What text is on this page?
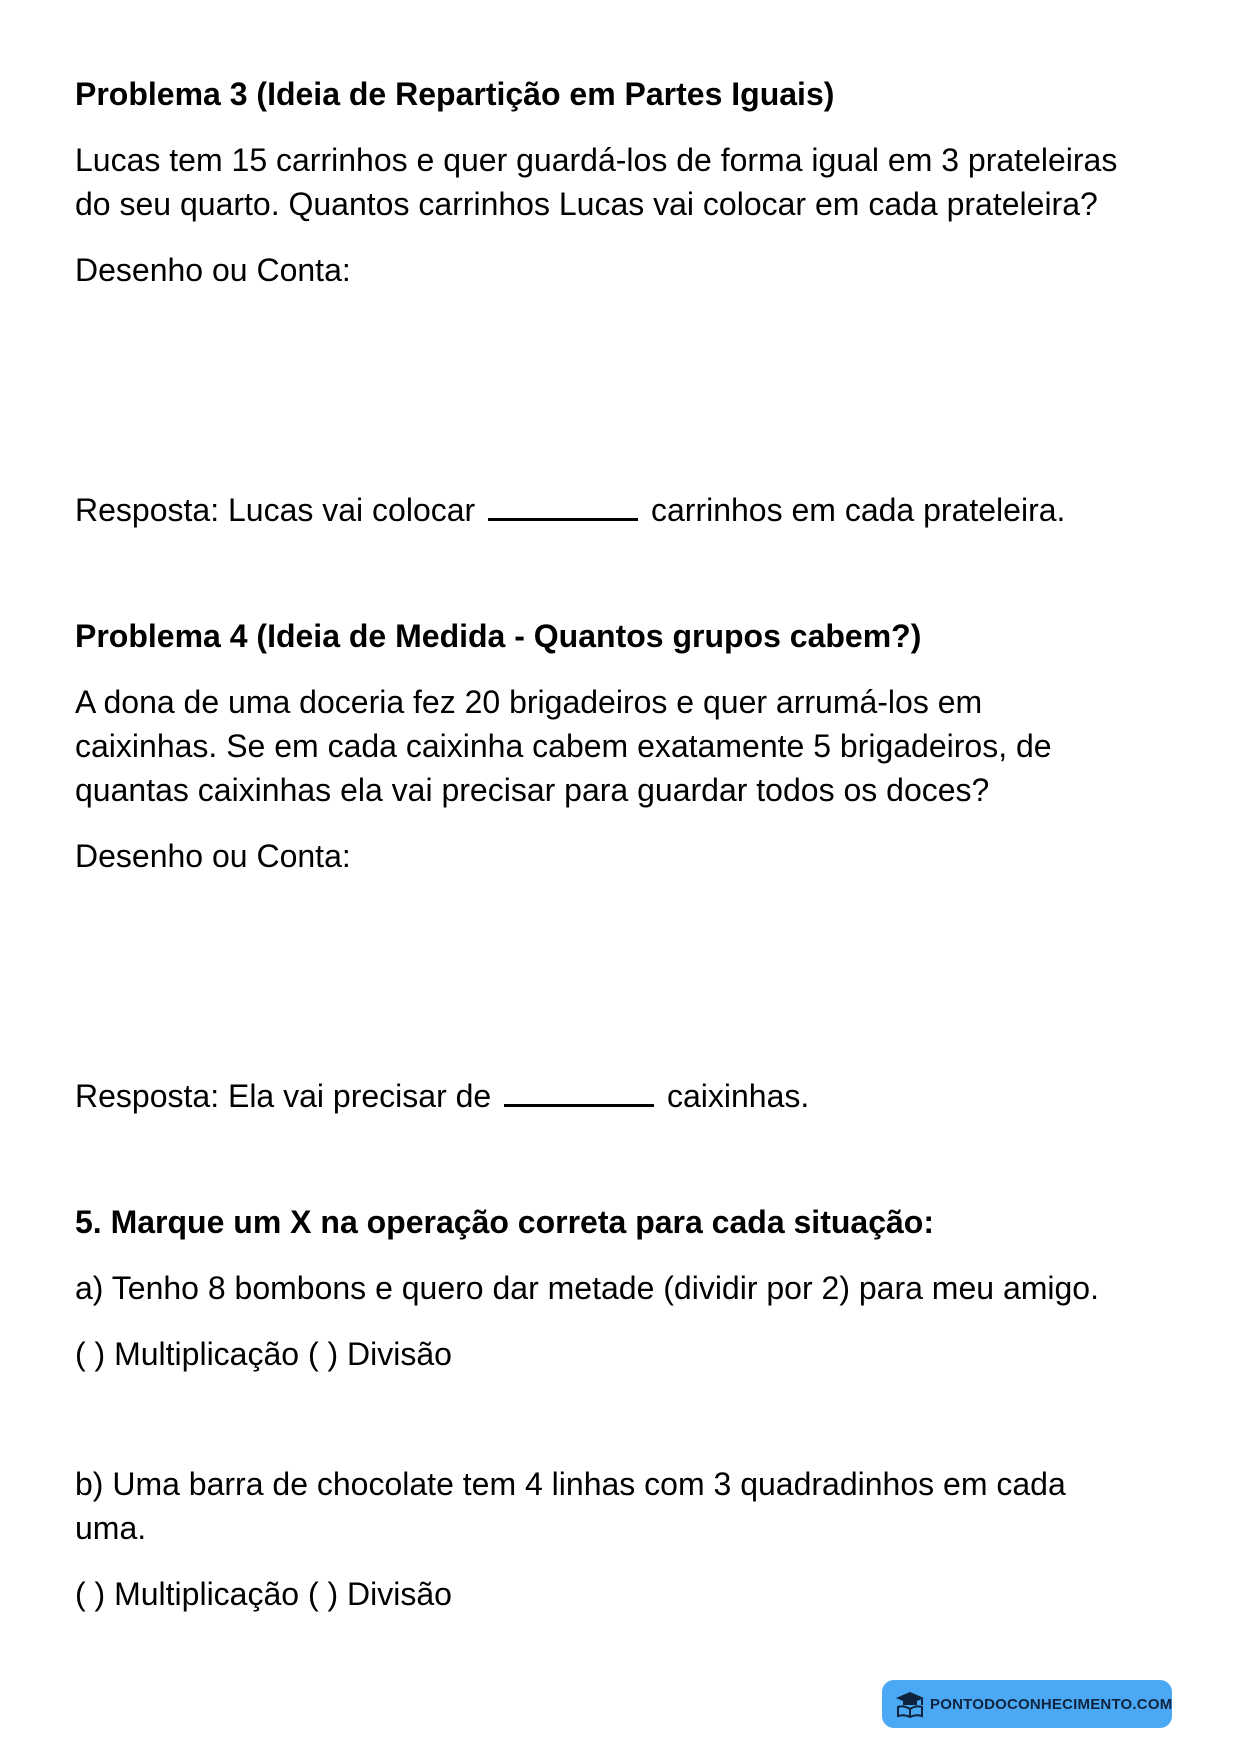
Problema 3 (Ideia de Repartição em Partes Iguais)
Lucas tem 15 carrinhos e quer guardá-los de forma igual em 3 prateleiras
do seu quarto. Quantos carrinhos Lucas vai colocar em cada prateleira?
Desenho ou Conta:
Resposta: Lucas vai colocar	carrinhos em cada prateleira.
Problema 4 (Ideia de Medida - Quantos grupos cabem?)
A dona de uma doceria fez 20 brigadeiros e quer arrumá-los em
caixinhas. Se em cada caixinha cabem exatamente 5 brigadeiros, de
quantas caixinhas ela vai precisar para guardar todos os doces?
Desenho ou Conta:
Resposta: Ela vai precisar de	caixinhas.
5. Marque um X na operação correta para cada situação:
a) Tenho 8 bombons e quero dar metade (dividir por 2) para meu amigo.
( ) Multiplicação ( ) Divisão
b) Uma barra de chocolate tem 4 linhas com 3 quadradinhos em cada
uma.
( ) Multiplicação ( ) Divisão
PONTODOCONHECIMENTO.COM
